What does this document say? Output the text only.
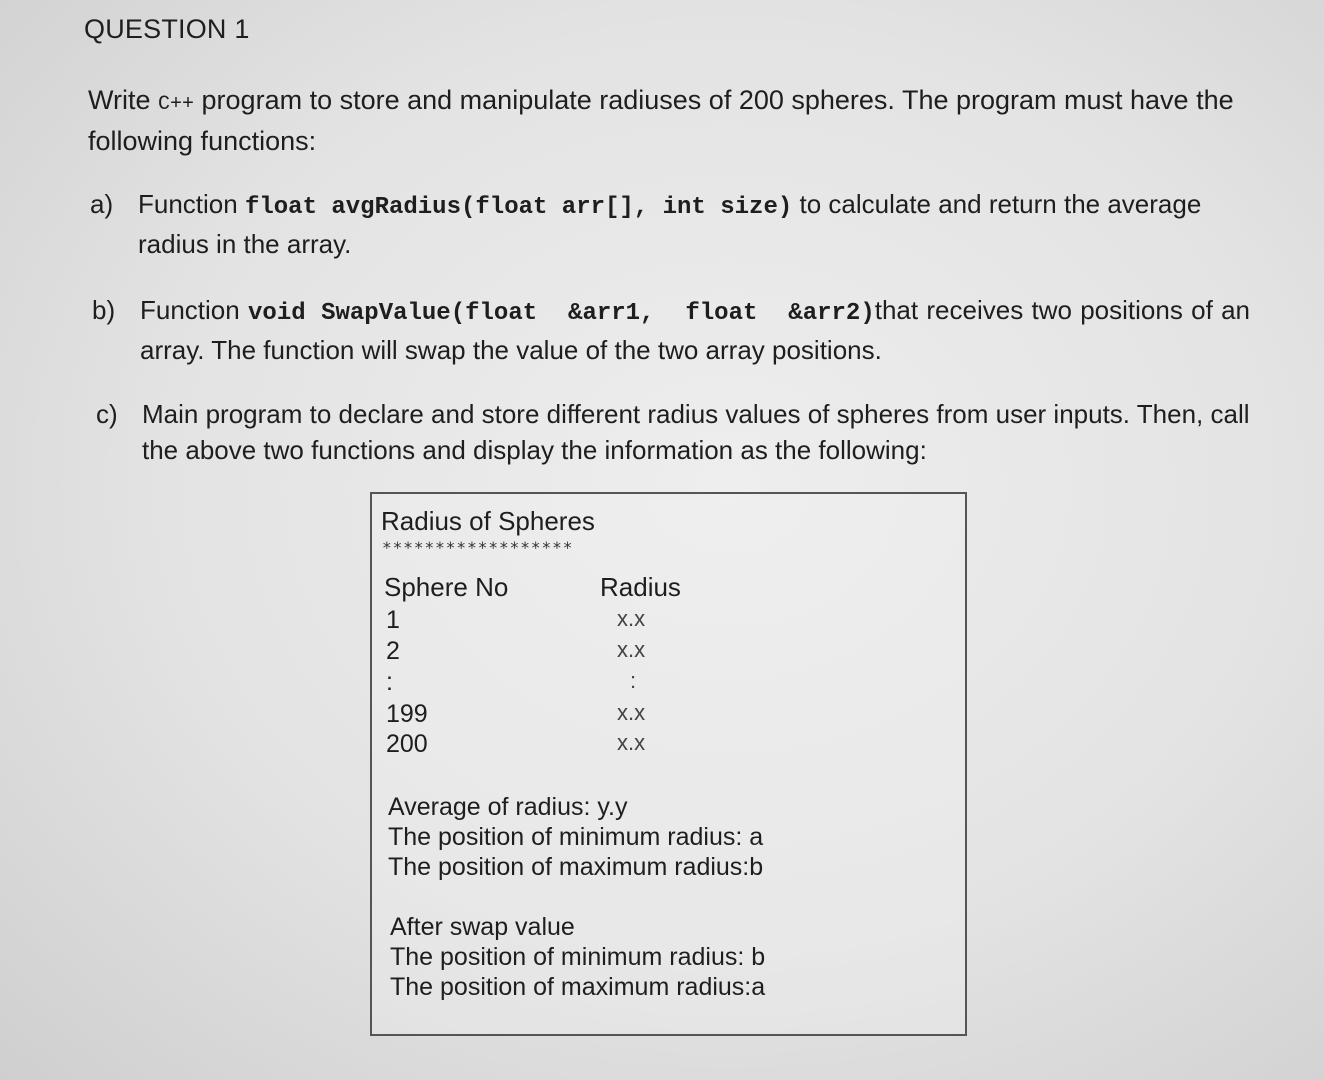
QUESTION 1
Write C++ program to store and manipulate radiuses of 200 spheres. The program must have the following functions:
a) Function float avgRadius(float arr[], int size) to calculate and return the average radius in the array.
b) Function void SwapValue(float  &arr1,  float  &arr2)that receives two positions of an array. The function will swap the value of the two array positions.
c) Main program to declare and store different radius values of spheres from user inputs. Then, call the above two functions and display the information as the following:
Radius of Spheres
******************
Sphere No	Radius
1	x.x
2	x.x
:	:
199	x.x
200	x.x
Average of radius: y.y
The position of minimum radius: a
The position of maximum radius:b
After swap value
The position of minimum radius: b
The position of maximum radius:a
